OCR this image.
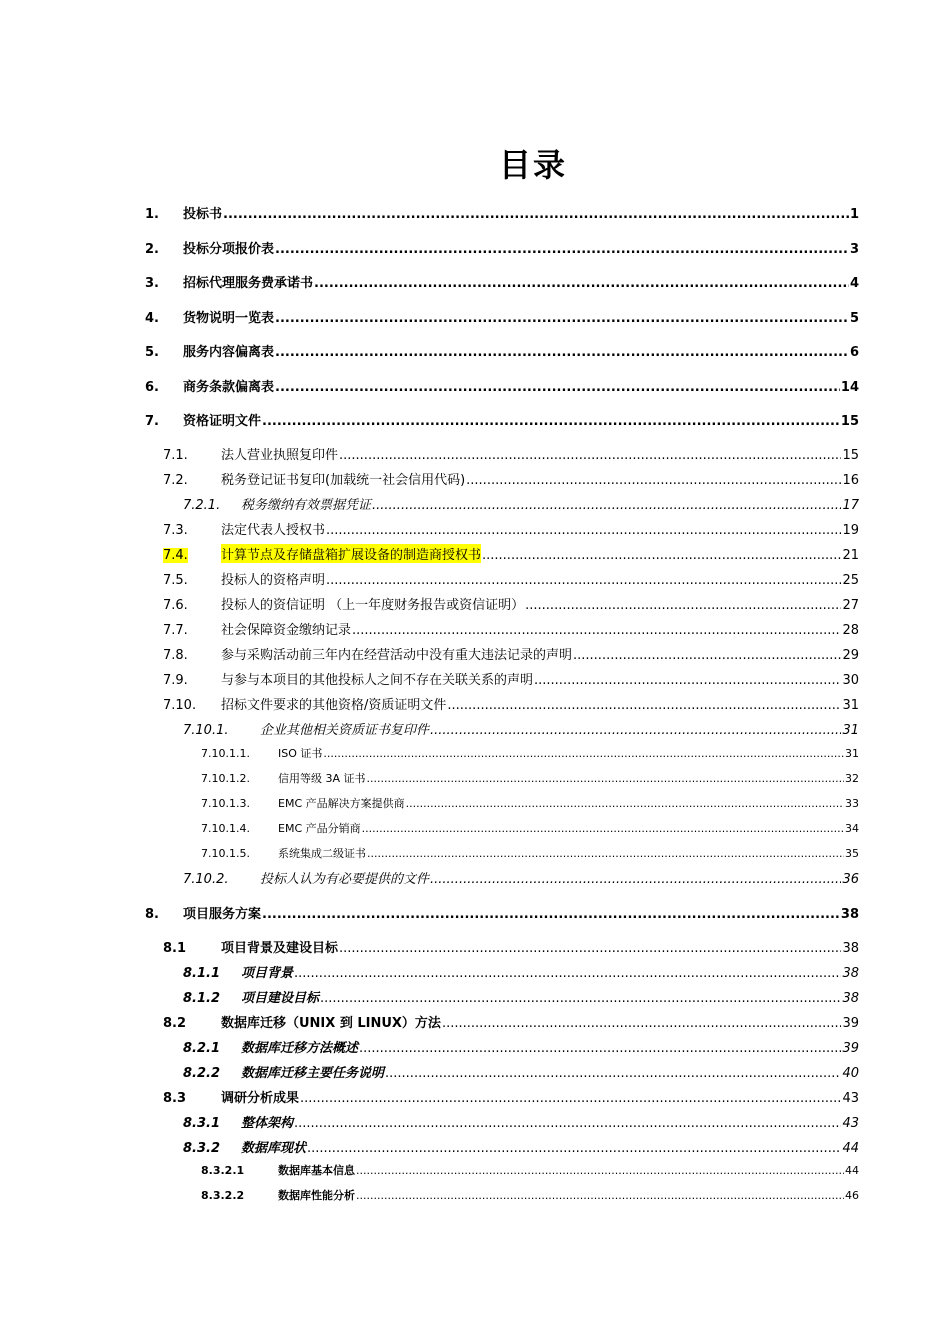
目录
1.	投标书 .....	1
2.	投标分项报价表 .....	3
3.	招标代理服务费承诺书 .....	4
4.	货物说明一览表 .....	5
5.	服务内容偏离表 .....	6
6.	商务条款偏离表 .....	14
7.	资格证明文件 .....	15
7.1.	法人营业执照复印件 .....	15
7.2.	税务登记证书复印(加载统一社会信用代码) .....	16
7.2.1.	税务缴纳有效票据凭证 .....	17
7.3.	法定代表人授权书 .....	19
7.4.	计算节点及存储盘箱扩展设备的制造商授权书 .....	21
7.5.	投标人的资格声明 .....	25
7.6.	投标人的资信证明 （上一年度财务报告或资信证明） .....	27
7.7.	社会保障资金缴纳记录 .....	28
7.8.	参与采购活动前三年内在经营活动中没有重大违法记录的声明 .....	29
7.9.	与参与本项目的其他投标人之间不存在关联关系的声明 .....	30
7.10.	招标文件要求的其他资格/资质证明文件 .....	31
7.10.1.	企业其他相关资质证书复印件 .....	31
7.10.1.1.	ISO 证书 .....	31
7.10.1.2.	信用等级 3A 证书 .....	32
7.10.1.3.	EMC 产品解决方案提供商 .....	33
7.10.1.4.	EMC 产品分销商 .....	34
7.10.1.5.	系统集成二级证书 .....	35
7.10.2.	投标人认为有必要提供的文件 .....	36
8.	项目服务方案 .....	38
8.1	项目背景及建设目标 .....	38
8.1.1	项目背景 .....	38
8.1.2	项目建设目标 .....	38
8.2	数据库迁移（UNIX 到 LINUX）方法 .....	39
8.2.1	数据库迁移方法概述 .....	39
8.2.2	数据库迁移主要任务说明 .....	40
8.3	调研分析成果 .....	43
8.3.1	整体架构 .....	43
8.3.2	数据库现状 .....	44
8.3.2.1	数据库基本信息 .....	44
8.3.2.2	数据库性能分析 .....	46
